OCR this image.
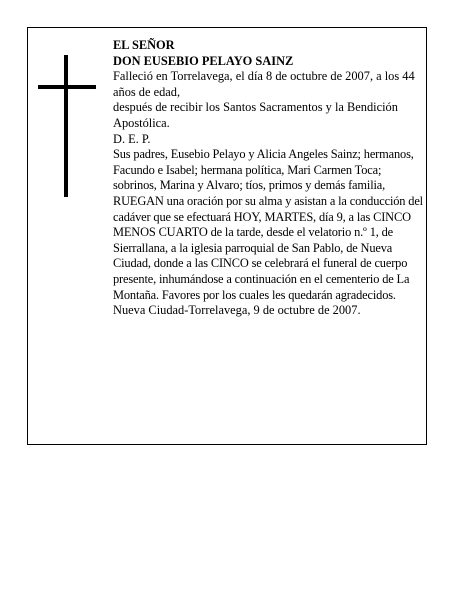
EL SEÑOR

DON EUSEBIO PELAYO SAINZ

Falleció en Torrelavega, el día 8 de octubre de 2007, a los 44 años de edad,

después de recibir los Santos Sacramentos y la Bendición Apostólica.

D. E. P.

Sus padres, Eusebio Pelayo y Alicia Angeles Sainz; hermanos, Facundo e Isabel; hermana política, Mari Carmen Toca; sobrinos, Marina y Alvaro; tíos, primos y demás familia,

RUEGAN una oración por su alma y asistan a la conducción del cadáver que se efectuará HOY, MARTES, día 9, a las CINCO MENOS CUARTO de la tarde, desde el velatorio n.º 1, de Sierrallana, a la iglesia parroquial de San Pablo, de Nueva Ciudad, donde a las CINCO se celebrará el funeral de cuerpo presente, inhumándose a continuación en el cementerio de La Montaña. Favores por los cuales les quedarán agradecidos.

Nueva Ciudad-Torrelavega, 9 de octubre de 2007.
